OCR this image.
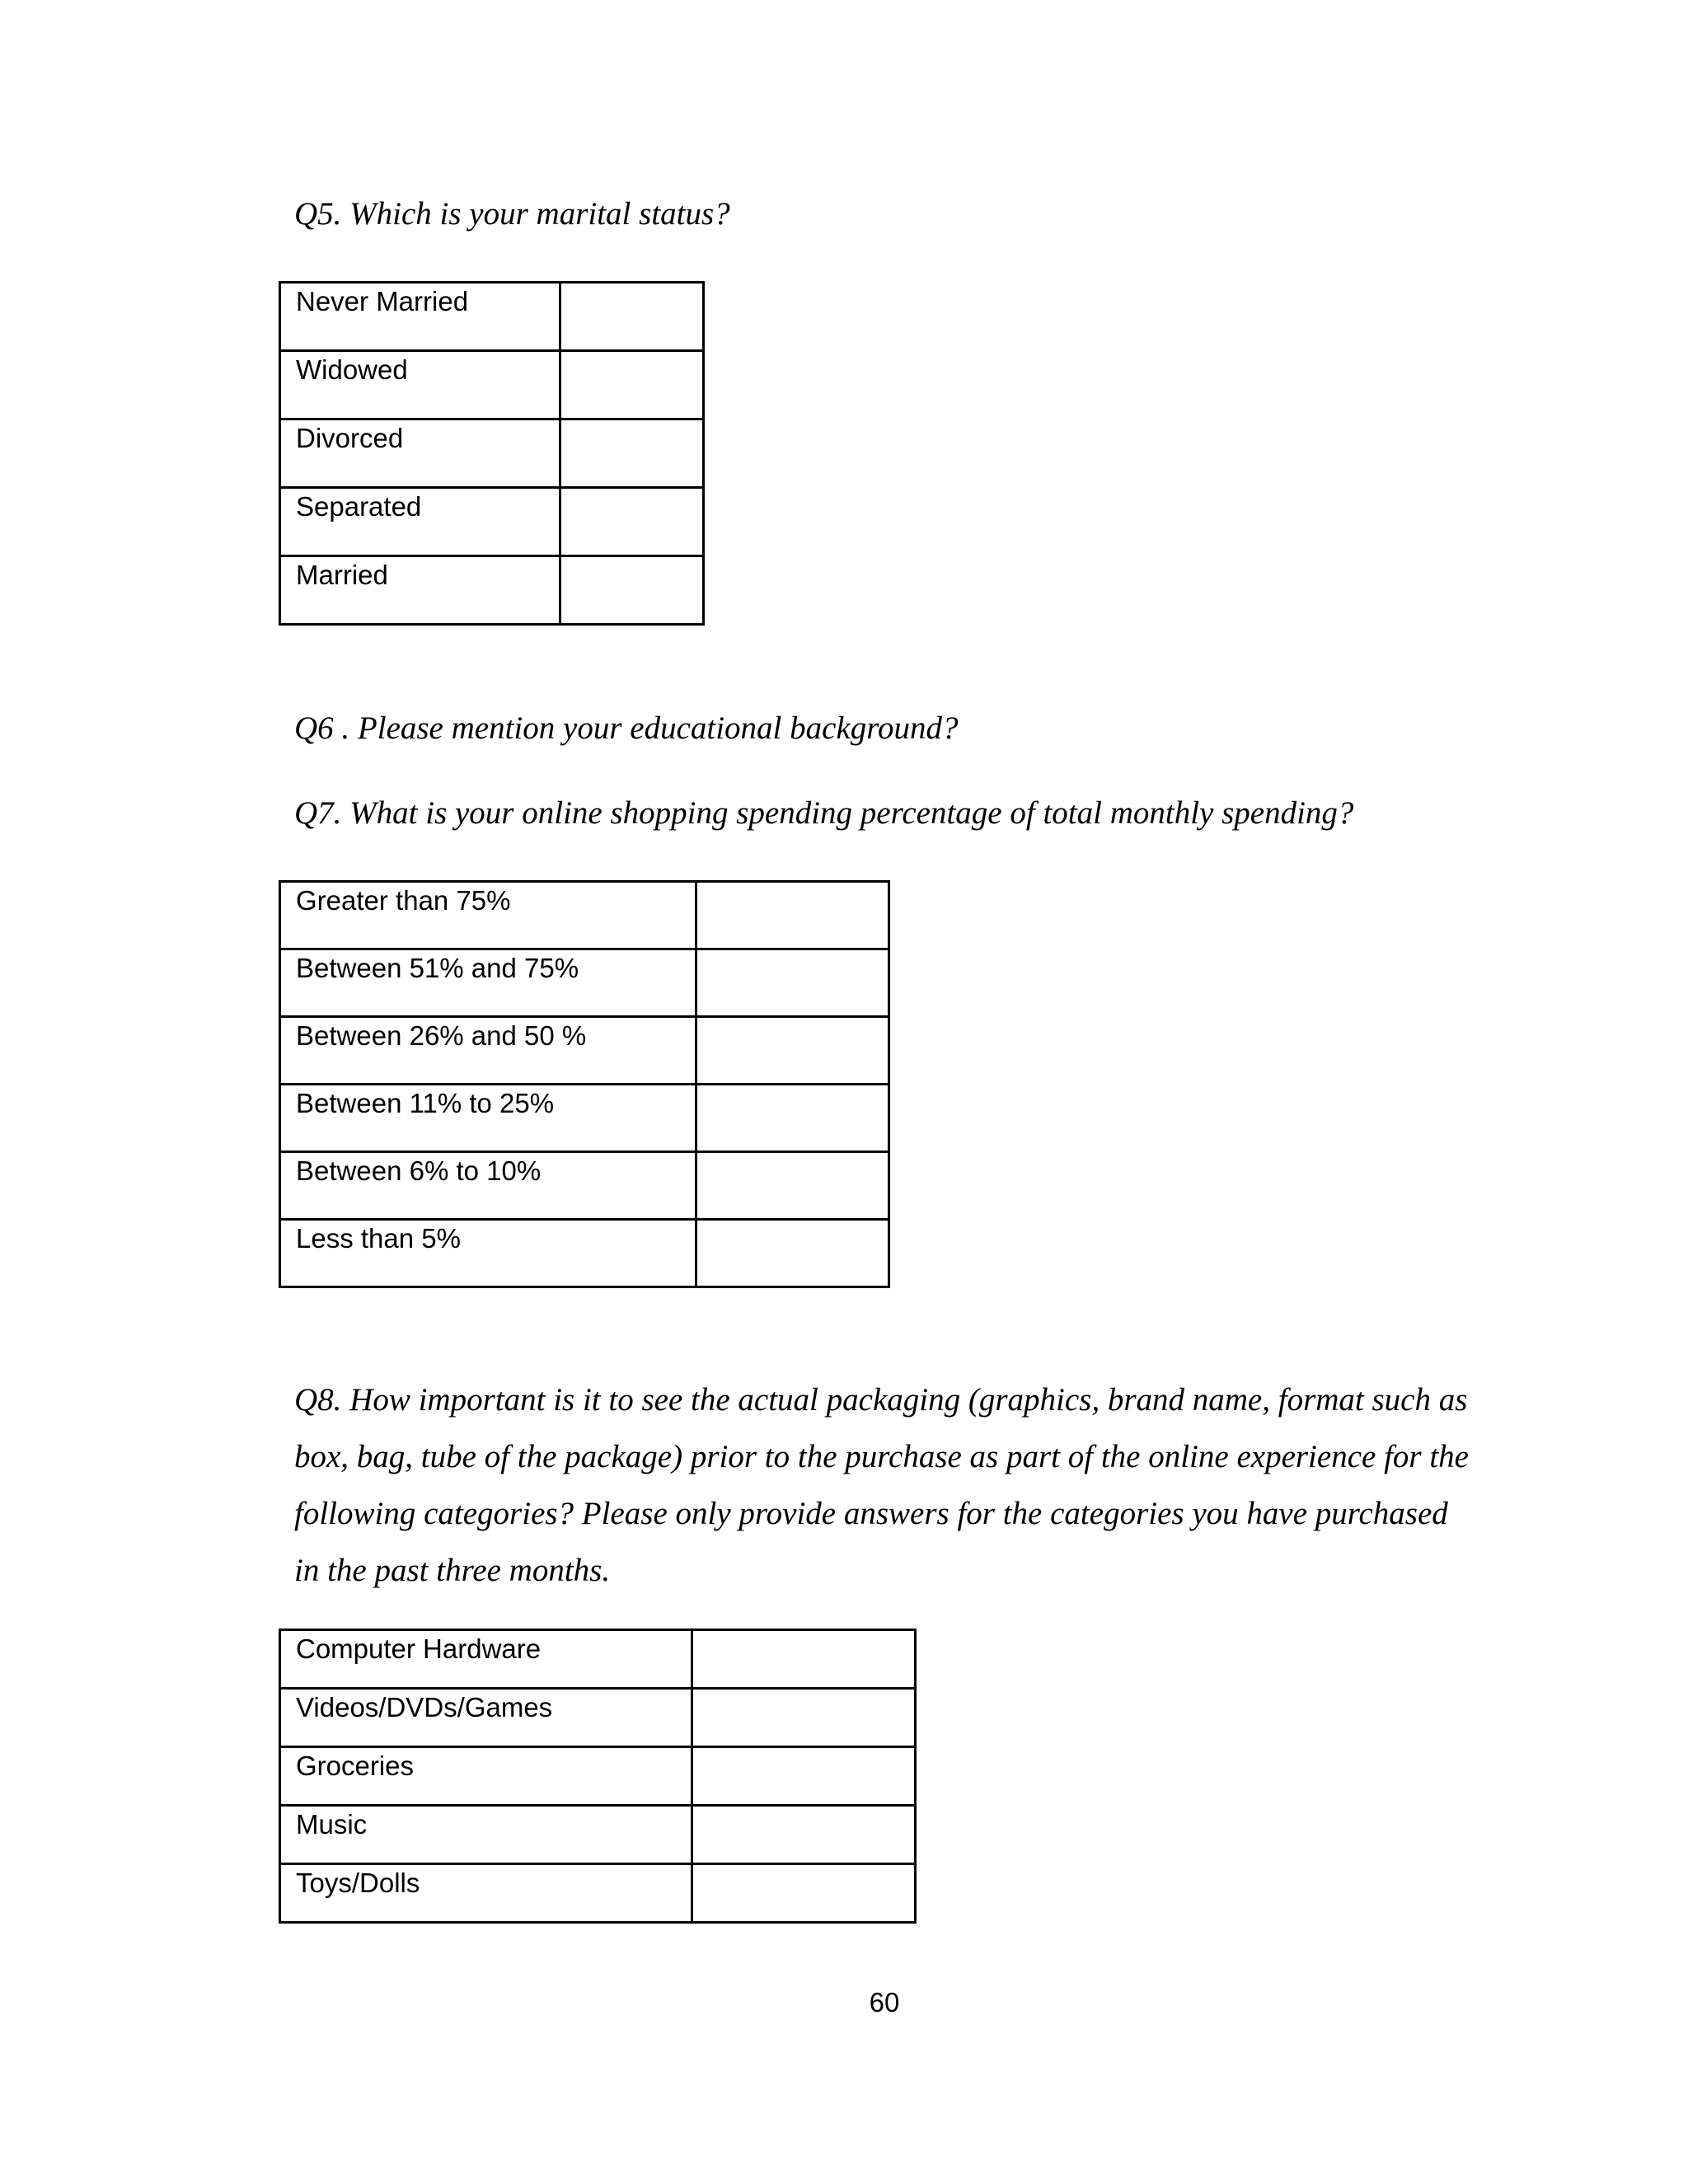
Q5. Which is your marital status?

Never Married	
Widowed	
Divorced	
Separated	
Married	

Q6 . Please mention your educational background?

Q7. What is your online shopping spending percentage of total monthly spending?

Greater than 75%	
Between 51% and 75%	
Between 26% and 50 %	
Between 11% to 25%	
Between 6% to 10%	
Less than 5%	

Q8. How important is it to see the actual packaging (graphics, brand name, format such as box, bag, tube of the package) prior to the purchase as part of the online experience for the following categories? Please only provide answers for the categories you have purchased in the past three months.

Computer Hardware	
Videos/DVDs/Games	
Groceries	
Music	
Toys/Dolls	
60
